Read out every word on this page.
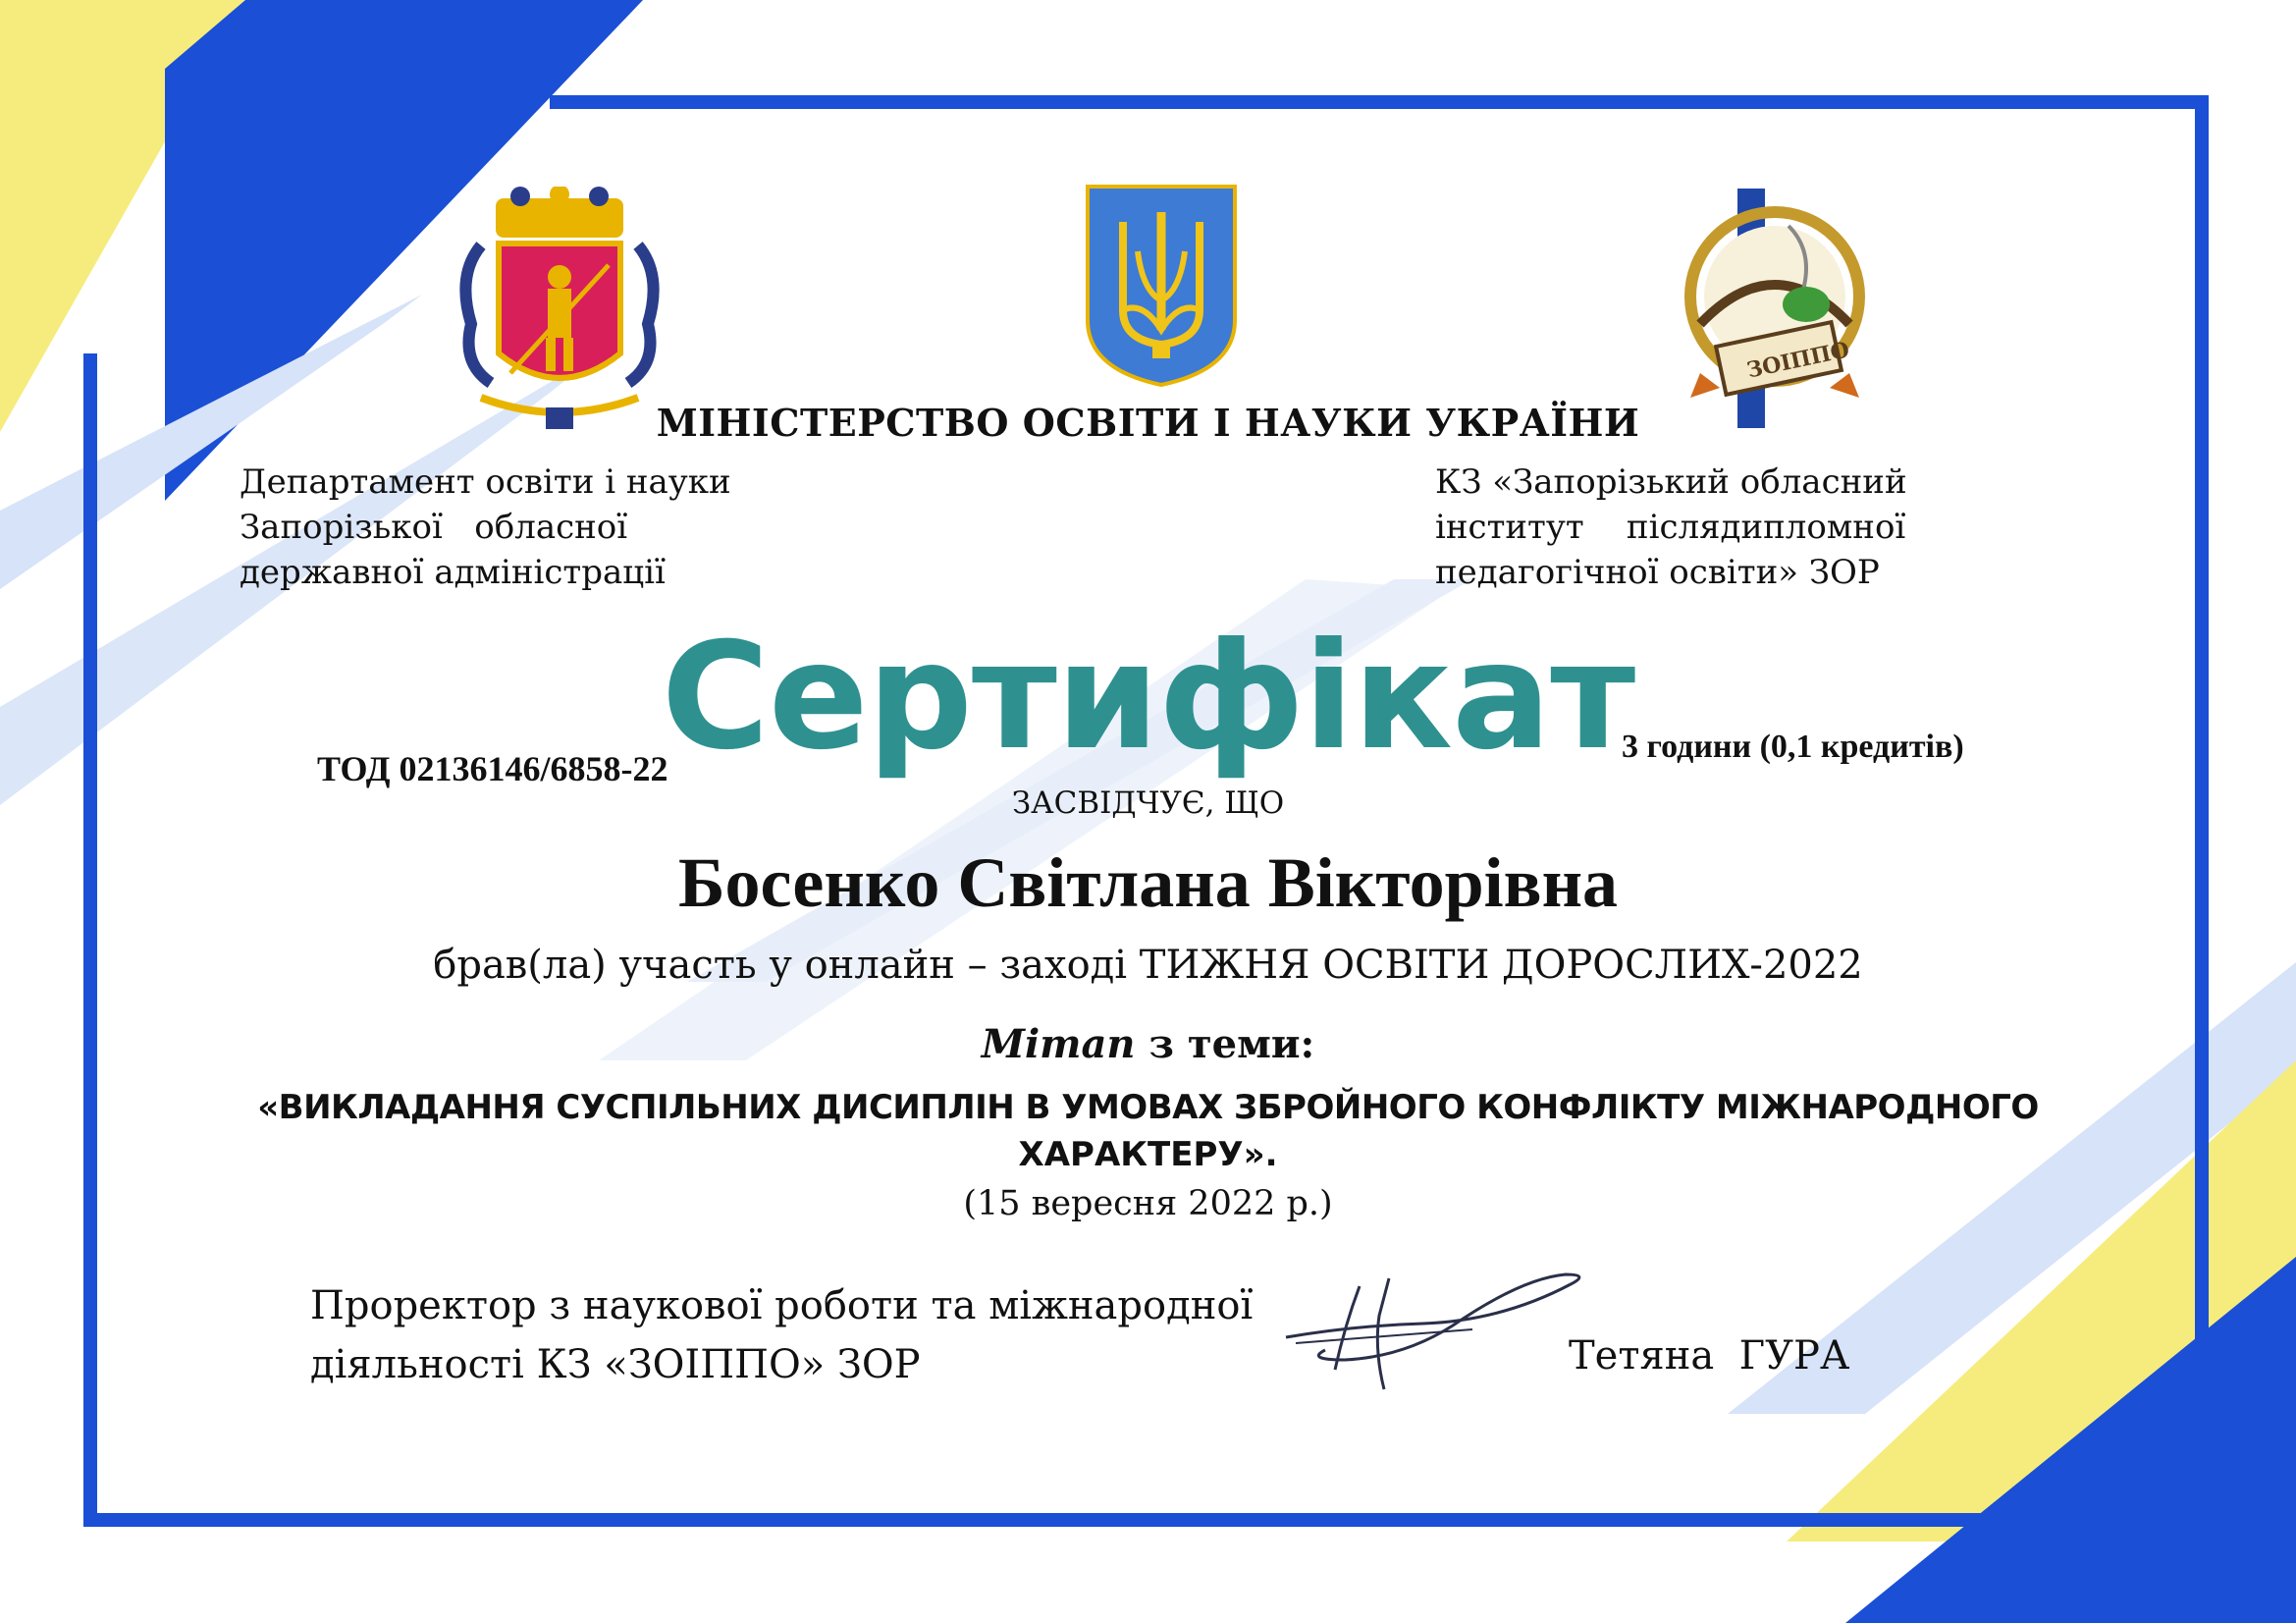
ЗОІППО
МІНІСТЕРСТВО ОСВІТИ І НАУКИ УКРАЇНИ
Департамент освіти і науки
Запорізької   обласної
державної адміністрації
КЗ «Запорізький обласний
інститут    післядипломної
педагогічної освіти» ЗОР
Сертифікат
ТОД 02136146/6858-22
3 години (0,1 кредитів)
ЗАСВІДЧУЄ, ЩО
Босенко Світлана Вікторівна
брав(ла) участь у онлайн – заході ТИЖНЯ ОСВІТИ ДОРОСЛИХ-2022
Мітап з теми:
«ВИКЛАДАННЯ СУСПІЛЬНИХ ДИСИПЛІН В УМОВАХ ЗБРОЙНОГО КОНФЛІКТУ МІЖНАРОДНОГО
ХАРАКТЕРУ».
(15 вересня 2022 р.)
Проректор з наукової роботи та міжнародної
діяльності КЗ «ЗОІППО» ЗОР	Тетяна  ГУРА
